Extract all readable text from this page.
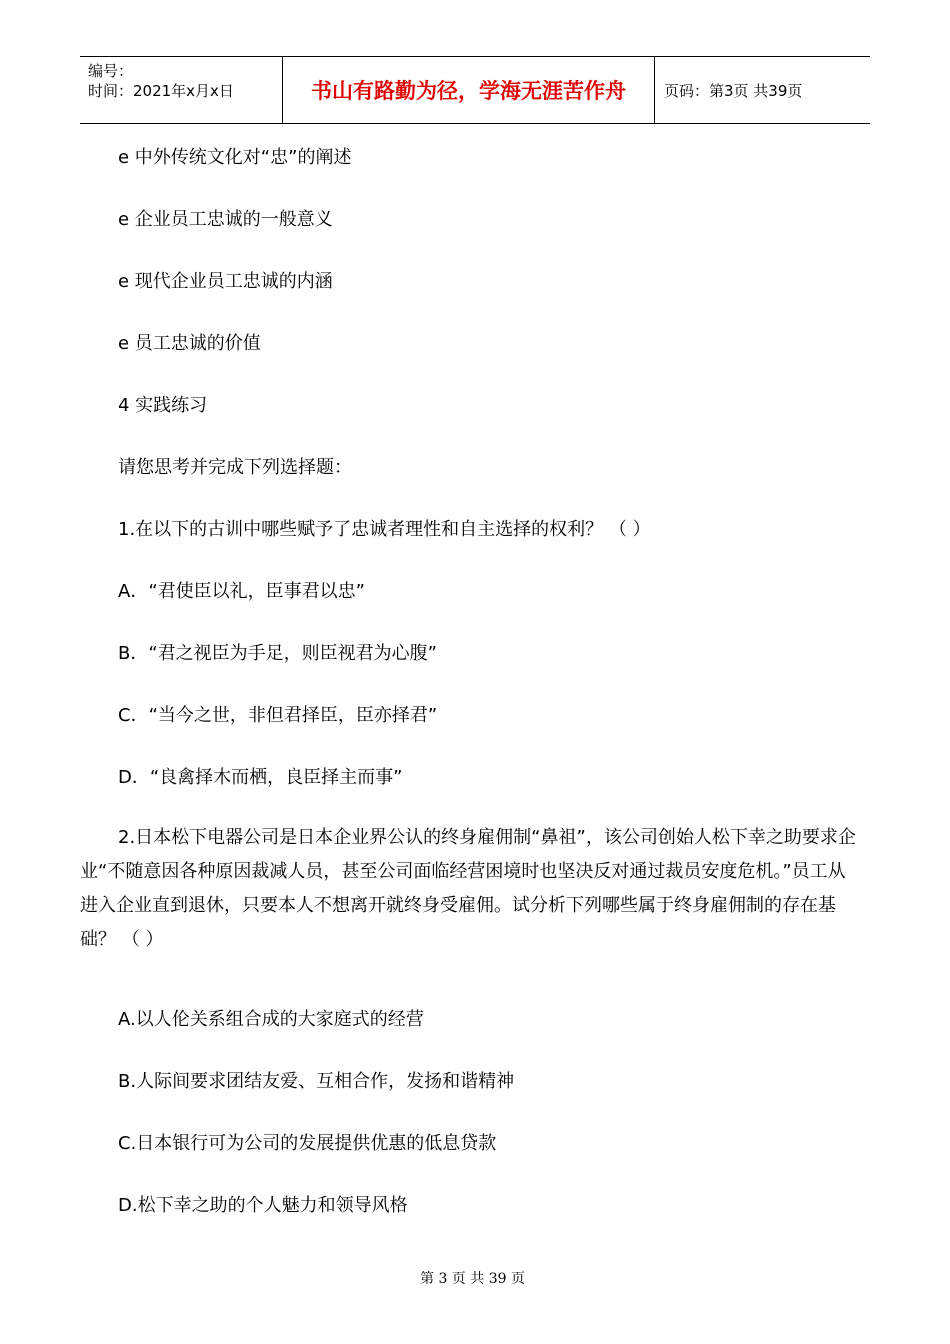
编号：
时间：2021年x月x日	书山有路勤为径，学海无涯苦作舟	页码：第3页 共39页
e 中外传统文化对“忠”的阐述
e 企业员工忠诚的一般意义
e 现代企业员工忠诚的内涵
e 员工忠诚的价值
4 实践练习
请您思考并完成下列选择题：
1.在以下的古训中哪些赋予了忠诚者理性和自主选择的权利？ （ ）
A．“君使臣以礼，臣事君以忠”
B．“君之视臣为手足，则臣视君为心腹”
C．“当今之世，非但君择臣，臣亦择君”
D．“良禽择木而栖，良臣择主而事”
2.日本松下电器公司是日本企业界公认的终身雇佣制“鼻祖”，该公司创始人松下幸之助要求企业“不随意因各种原因裁减人员，甚至公司面临经营困境时也坚决反对通过裁员安度危机。”员工从进入企业直到退休，只要本人不想离开就终身受雇佣。试分析下列哪些属于终身雇佣制的存在基础？ （ ）
A.以人伦关系组合成的大家庭式的经营
B.人际间要求团结友爱、互相合作，发扬和谐精神
C.日本银行可为公司的发展提供优惠的低息贷款
D.松下幸之助的个人魅力和领导风格
第 3 页 共 39 页
